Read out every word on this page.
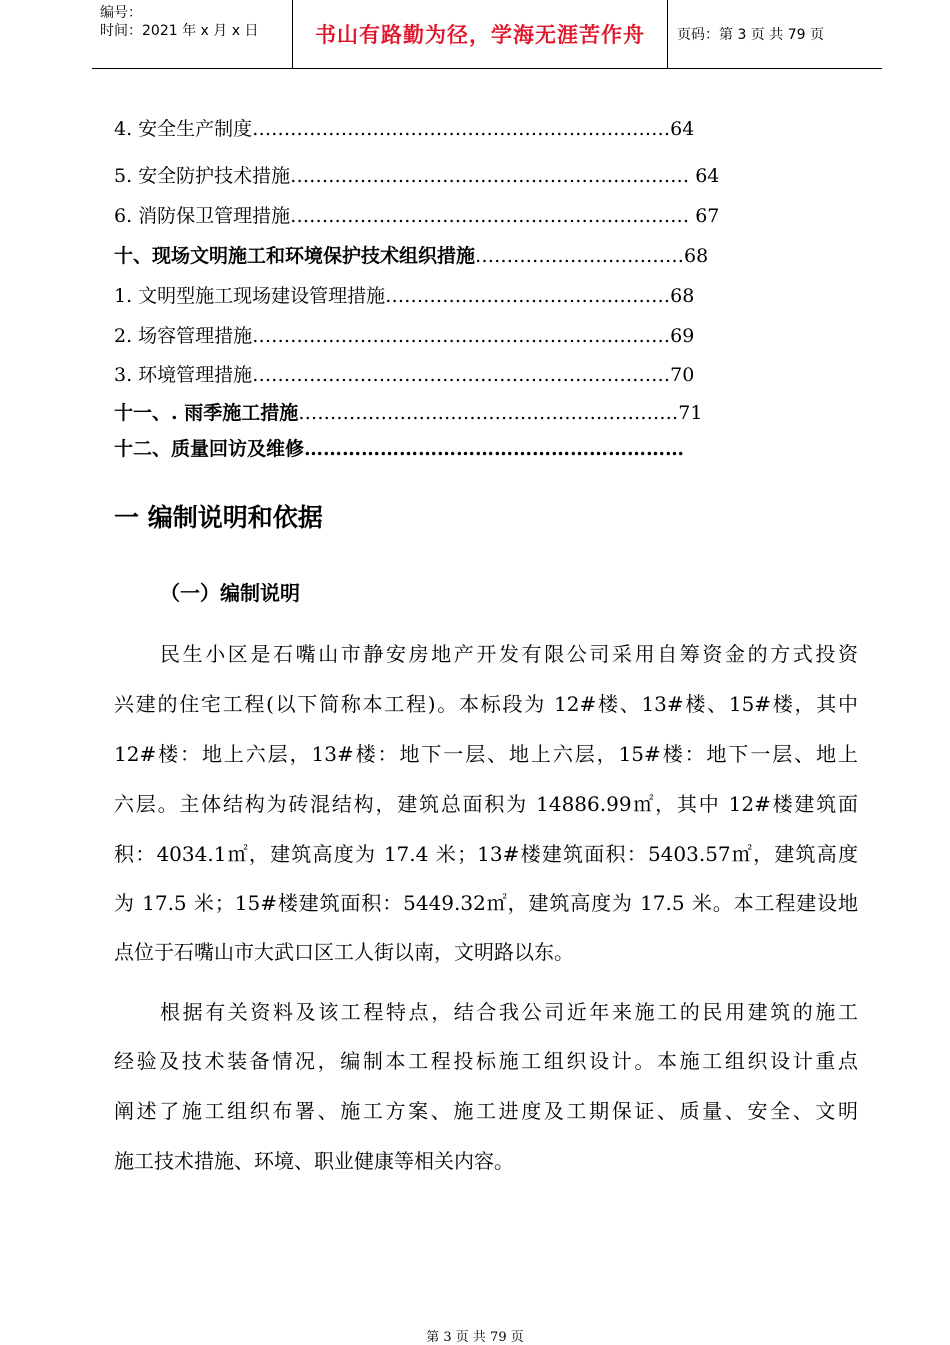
编号：
时间：2021 年 x 月 x 日	书山有路勤为径，学海无涯苦作舟 页码：第 3 页 共 79 页
4. 安全生产制度…………………………………………………………64
5. 安全防护技术措施……………………………………………………… 64
6. 消防保卫管理措施……………………………………………………… 67
十、现场文明施工和环境保护技术组织措施……………………………68
1. 文明型施工现场建设管理措施………………………………………68
2. 场容管理措施…………………………………………………………69
3. 环境管理措施…………………………………………………………70
十一、. 雨季施工措施……………………………………………………71
十二、质量回访及维修……………………………………………………
一 编制说明和依据
（一）编制说明
民生小区是石嘴山市静安房地产开发有限公司采用自筹资金的方式投资
兴建的住宅工程(以下简称本工程)。本标段为 12#楼、13#楼、15#楼，其中
12#楼：地上六层，13#楼：地下一层、地上六层，15#楼：地下一层、地上
六层。主体结构为砖混结构，建筑总面积为 14886.99㎡，其中 12#楼建筑面
积：4034.1㎡，建筑高度为 17.4 米；13#楼建筑面积：5403.57㎡，建筑高度
为 17.5 米；15#楼建筑面积：5449.32㎡，建筑高度为 17.5 米。本工程建设地
点位于石嘴山市大武口区工人街以南，文明路以东。
根据有关资料及该工程特点，结合我公司近年来施工的民用建筑的施工
经验及技术装备情况，编制本工程投标施工组织设计。本施工组织设计重点
阐述了施工组织布署、施工方案、施工进度及工期保证、质量、安全、文明
施工技术措施、环境、职业健康等相关内容。
第 3 页 共 79 页
